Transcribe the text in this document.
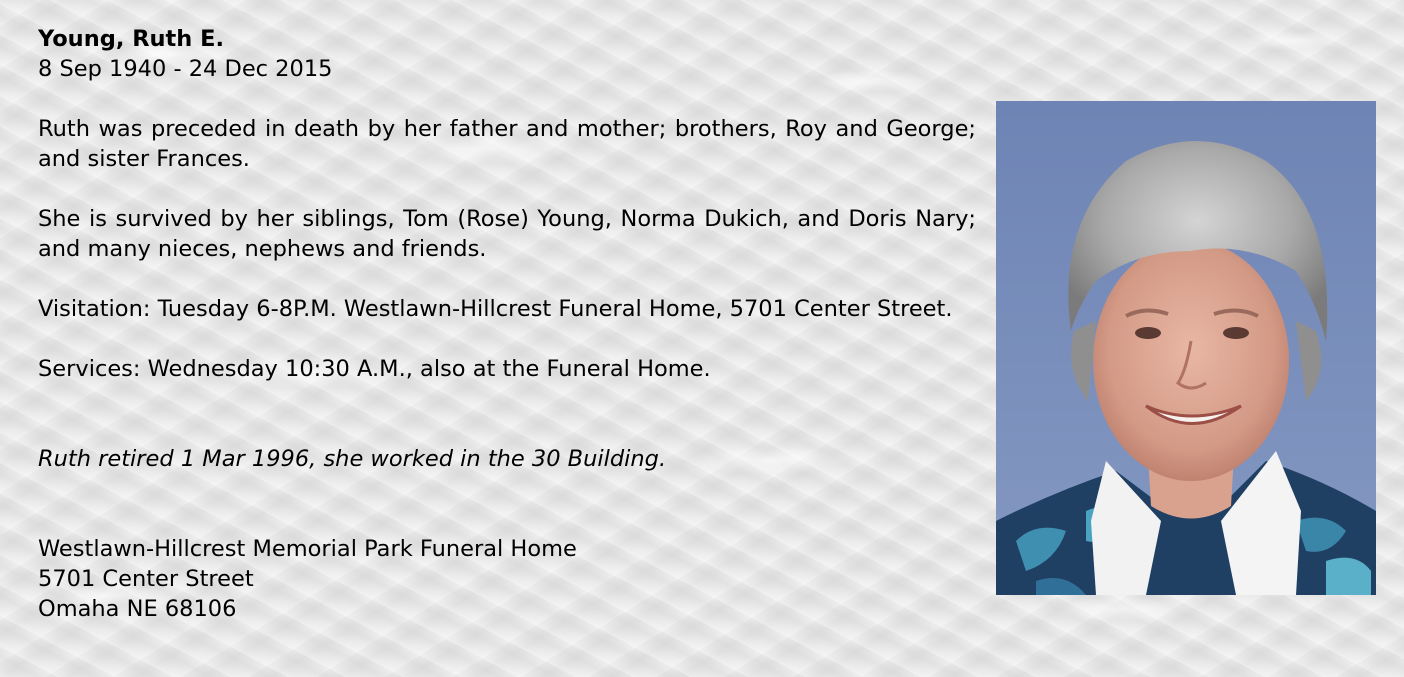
Young, Ruth E.
8 Sep 1940 - 24 Dec 2015
Ruth was preceded in death by her father and mother; brothers, Roy and George; and sister Frances.
She is survived by her siblings, Tom (Rose) Young, Norma Dukich, and Doris Nary; and many nieces, nephews and friends.
Visitation: Tuesday 6-8P.M. Westlawn-Hillcrest Funeral Home, 5701 Center Street.
Services: Wednesday 10:30 A.M., also at the Funeral Home.
Ruth retired 1 Mar 1996, she worked in the 30 Building.
Westlawn-Hillcrest Memorial Park Funeral Home
5701 Center Street
Omaha NE 68106
